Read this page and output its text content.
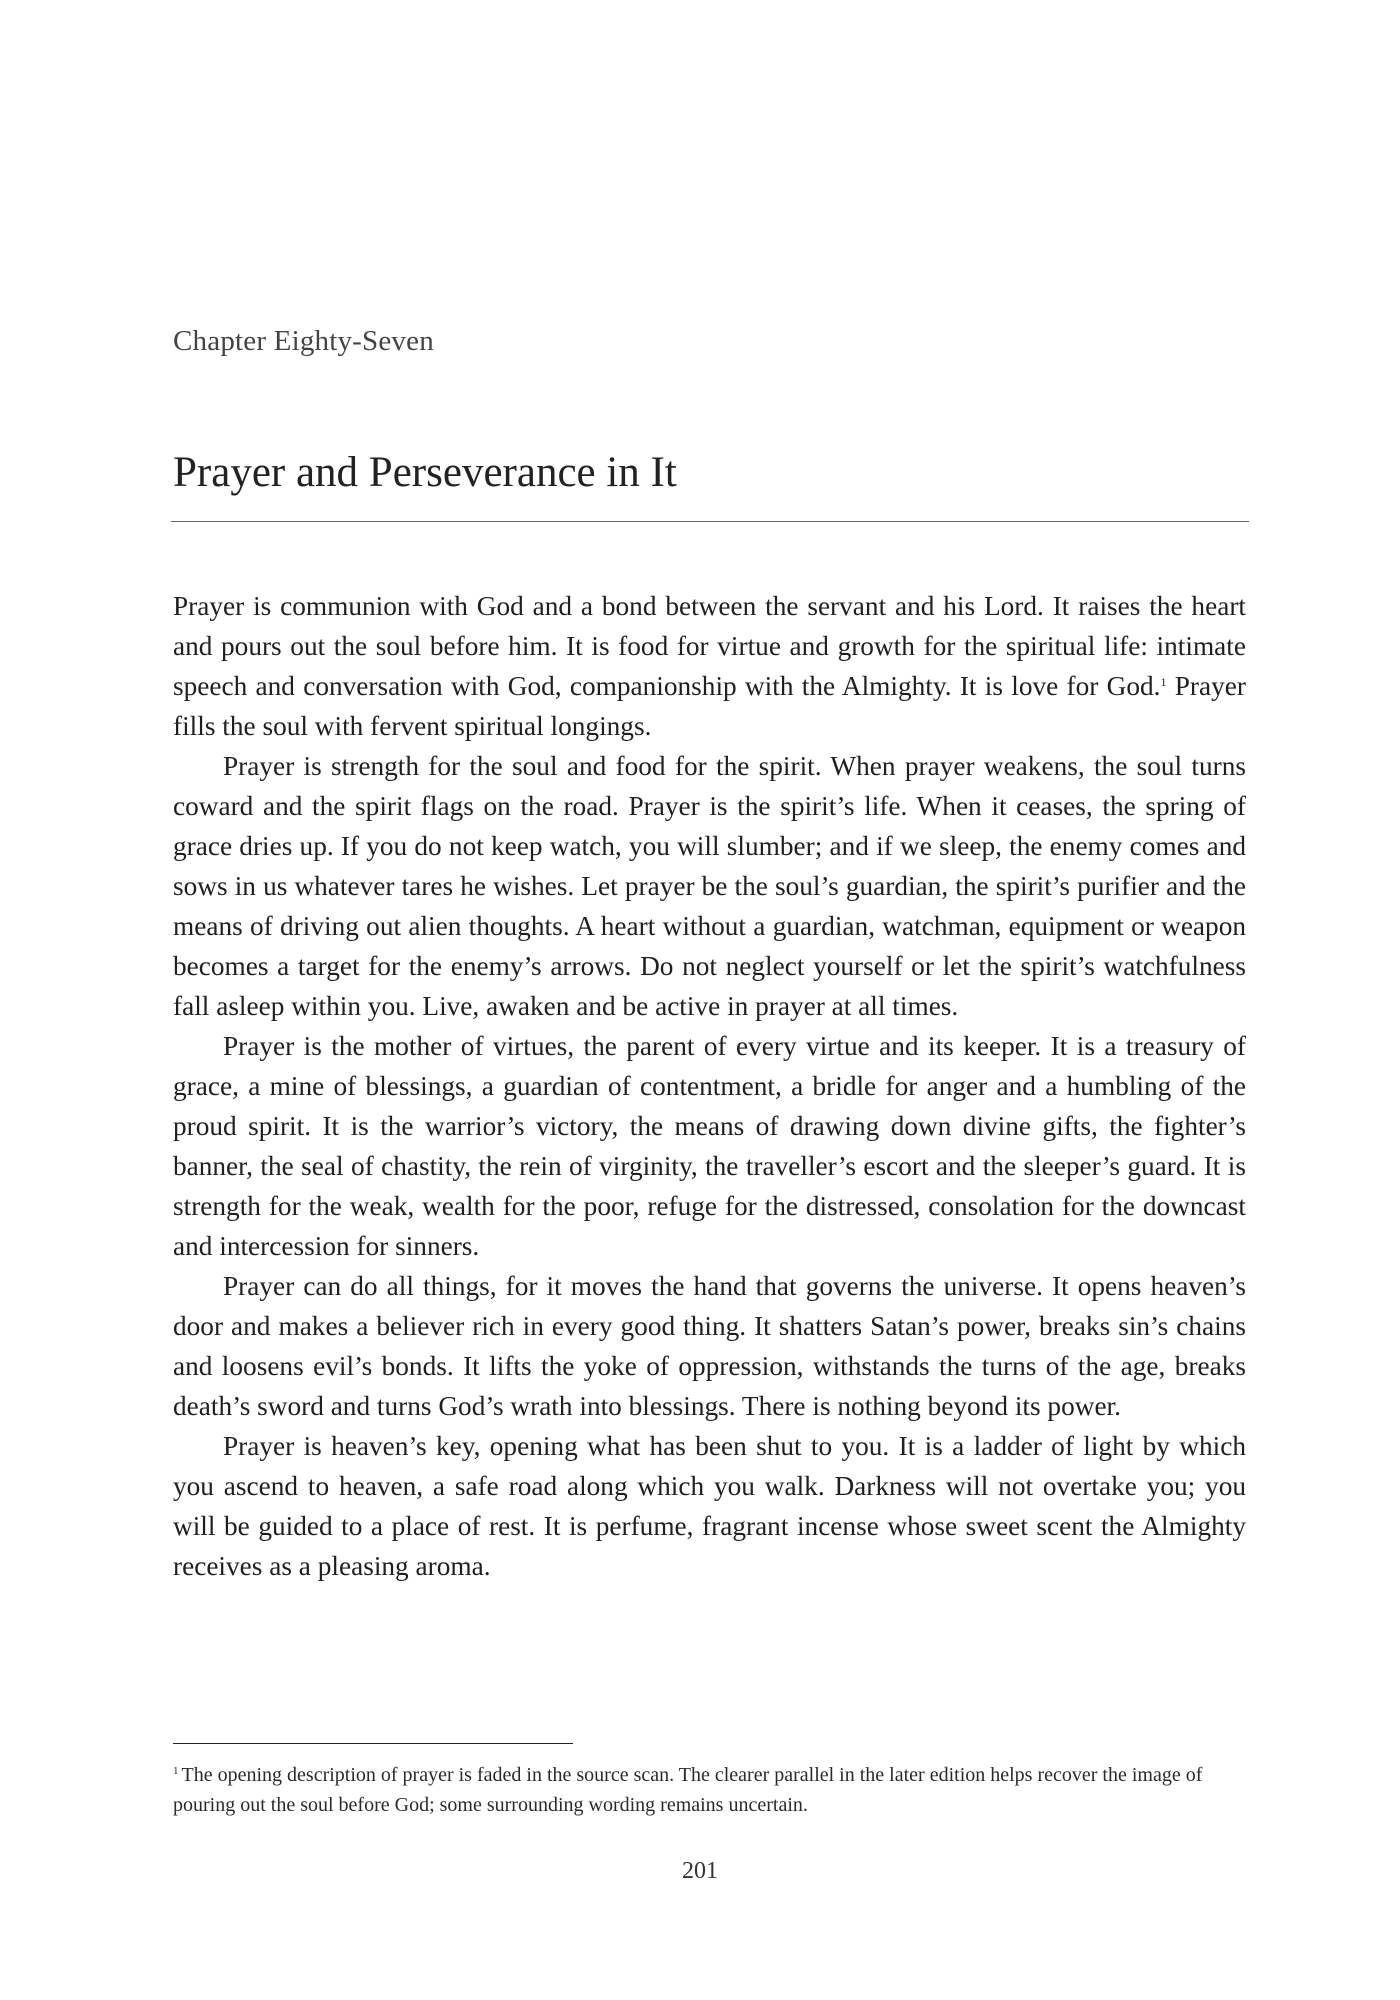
Chapter Eighty-Seven
Prayer and Perseverance in It

Prayer is communion with God and a bond between the servant and his Lord. It raises the heart and pours out the soul before him. It is food for virtue and growth for the spiritual life: intimate speech and conversation with God, companionship with the Almighty. It is love for God.$^1$ Prayer fills the soul with fervent spiritual longings.

Prayer is strength for the soul and food for the spirit. When prayer weakens, the soul turns coward and the spirit flags on the road. Prayer is the spirit’s life. When it ceases, the spring of grace dries up. If you do not keep watch, you will slumber; and if we sleep, the enemy comes and sows in us whatever tares he wishes. Let prayer be the soul’s guardian, the spirit’s purifier and the means of driving out alien thoughts. A heart without a guardian, watchman, equipment or weapon becomes a target for the enemy’s arrows. Do not neglect yourself or let the spirit’s watchfulness fall asleep within you. Live, awaken and be active in prayer at all times.

Prayer is the mother of virtues, the parent of every virtue and its keeper. It is a treasury of grace, a mine of blessings, a guardian of contentment, a bridle for anger and a humbling of the proud spirit. It is the warrior’s victory, the means of drawing down divine gifts, the fighter’s banner, the seal of chastity, the rein of virginity, the traveller’s escort and the sleeper’s guard. It is strength for the weak, wealth for the poor, refuge for the distressed, consolation for the downcast and intercession for sinners.

Prayer can do all things, for it moves the hand that governs the universe. It opens heaven’s door and makes a believer rich in every good thing. It shatters Satan’s power, breaks sin’s chains and loosens evil’s bonds. It lifts the yoke of oppression, withstands the turns of the age, breaks death’s sword and turns God’s wrath into blessings. There is nothing beyond its power.

Prayer is heaven’s key, opening what has been shut to you. It is a ladder of light by which you ascend to heaven, a safe road along which you walk. Darkness will not overtake you; you will be guided to a place of rest. It is perfume, fragrant incense whose sweet scent the Almighty receives as a pleasing aroma.

$^1$ The opening description of prayer is faded in the source scan. The clearer parallel in the later edition helps recover the image of pouring out the soul before God; some surrounding wording remains uncertain.

201
